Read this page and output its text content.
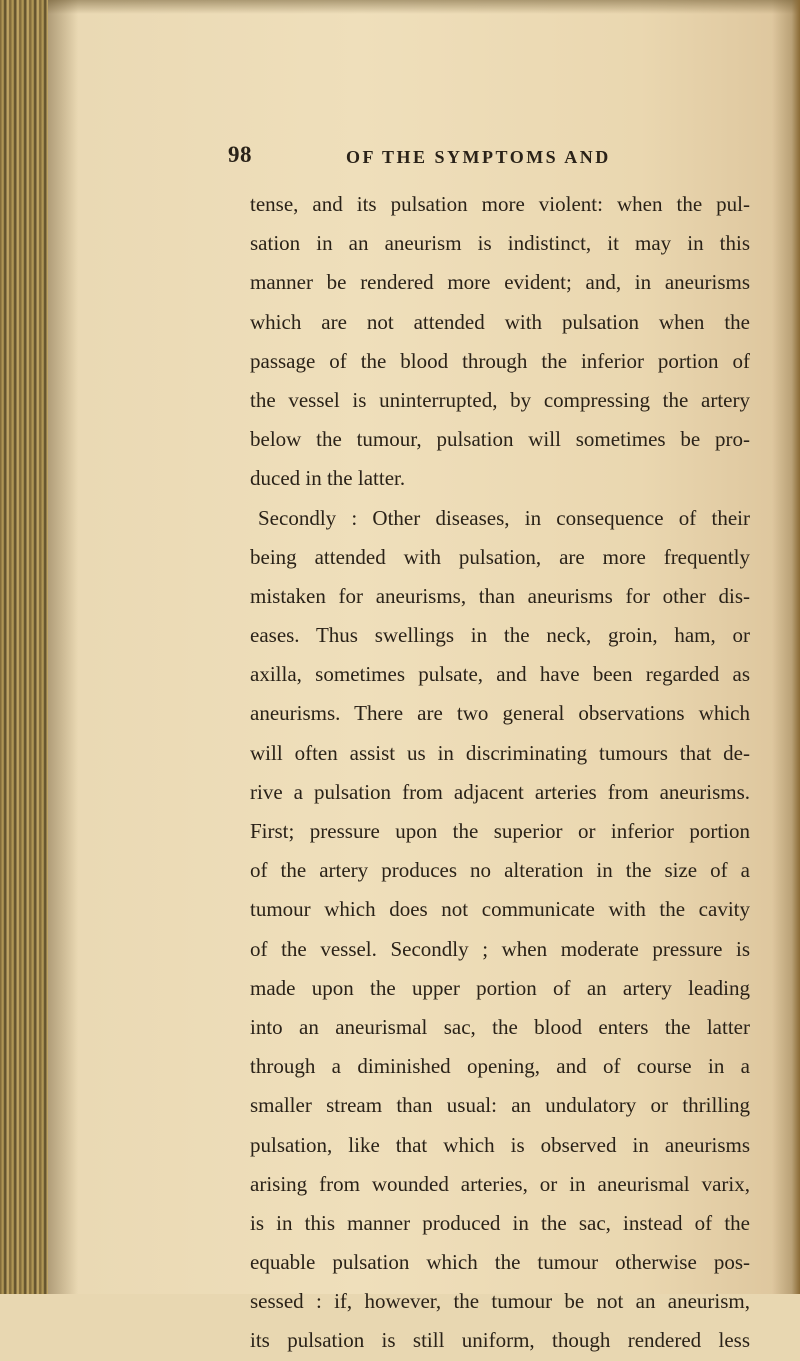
98	OF THE SYMPTOMS AND
tense, and its pulsation more violent: when the pul-
sation in an aneurism is indistinct, it may in this
manner be rendered more evident; and, in aneurisms
which are not attended with pulsation when the
passage of the blood through the inferior portion of
the vessel is uninterrupted, by compressing the artery
below the tumour, pulsation will sometimes be pro-
duced in the latter.
Secondly : Other diseases, in consequence of their
being attended with pulsation, are more frequently
mistaken for aneurisms, than aneurisms for other dis-
eases. Thus swellings in the neck, groin, ham, or
axilla, sometimes pulsate, and have been regarded as
aneurisms. There are two general observations which
will often assist us in discriminating tumours that de-
rive a pulsation from adjacent arteries from aneurisms.
First; pressure upon the superior or inferior portion
of the artery produces no alteration in the size of a
tumour which does not communicate with the cavity
of the vessel. Secondly ; when moderate pressure is
made upon the upper portion of an artery leading
into an aneurismal sac, the blood enters the latter
through a diminished opening, and of course in a
smaller stream than usual: an undulatory or thrilling
pulsation, like that which is observed in aneurisms
arising from wounded arteries, or in aneurismal varix,
is in this manner produced in the sac, instead of the
equable pulsation which the tumour otherwise pos-
sessed : if, however, the tumour be not an aneurism,
its pulsation is still uniform, though rendered less
